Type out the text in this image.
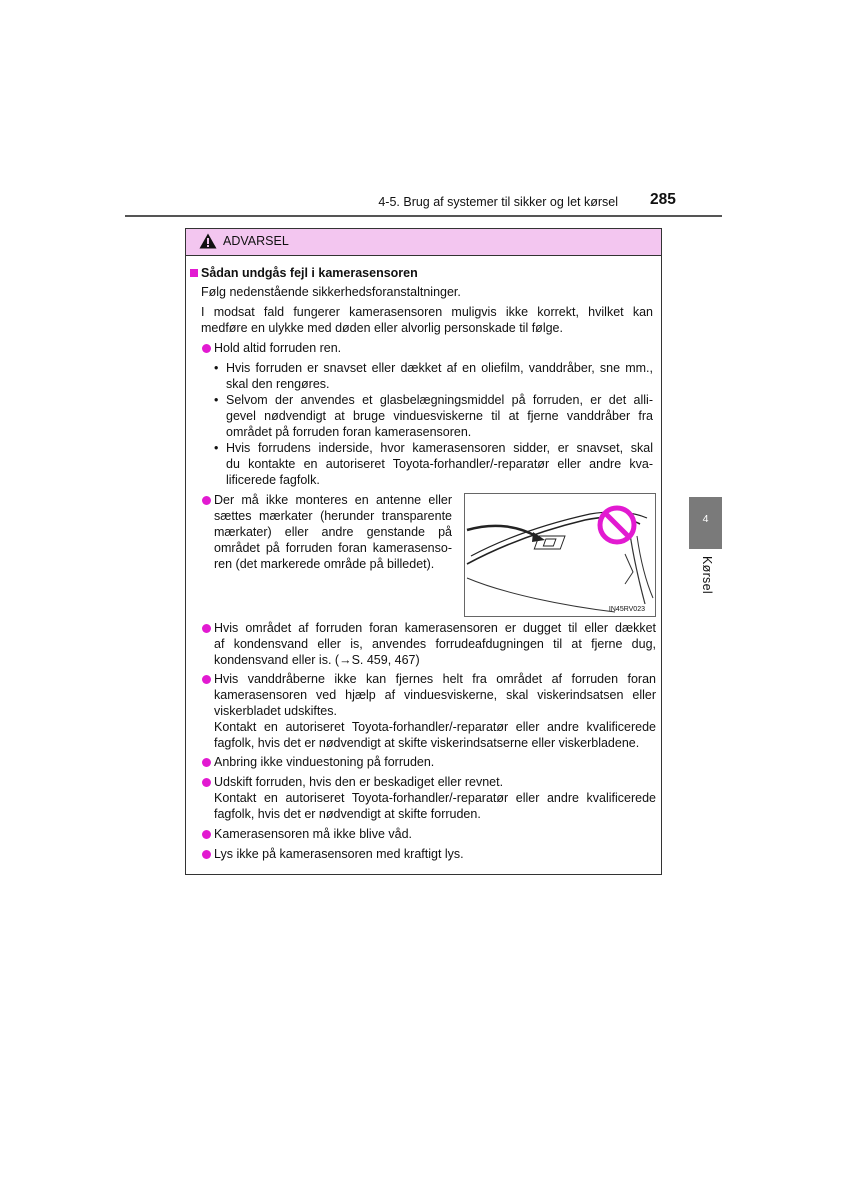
4-5. Brug af systemer til sikker og let kørsel 285
4
Kørsel
ADVARSEL
Sådan undgås fejl i kamerasensoren
Følg nedenstående sikkerhedsforanstaltninger.
I modsat fald fungerer kamerasensoren muligvis ikke korrekt, hvilket kan
medføre en ulykke med døden eller alvorlig personskade til følge.
Hold altid forruden ren.
• Hvis forruden er snavset eller dækket af en oliefilm, vanddråber, sne mm.,
skal den rengøres.
• Selvom der anvendes et glasbelægningsmiddel på forruden, er det alli-
gevel nødvendigt at bruge vinduesviskerne til at fjerne vanddråber fra
området på forruden foran kamerasensoren.
• Hvis forrudens inderside, hvor kamerasensoren sidder, er snavset, skal
du kontakte en autoriseret Toyota-forhandler/-reparatør eller andre kva-
lificerede fagfolk.
Der må ikke monteres en antenne eller
sættes mærkater (herunder transparente
mærkater) eller andre genstande på
området på forruden foran kamerasenso-
ren (det markerede område på billedet).
IN45RV023
Hvis området af forruden foran kamerasensoren er dugget til eller dækket
af kondensvand eller is, anvendes forrudeafdugningen til at fjerne dug,
kondensvand eller is. (→S. 459, 467)
Hvis vanddråberne ikke kan fjernes helt fra området af forruden foran
kamerasensoren ved hjælp af vinduesviskerne, skal viskerindsatsen eller
viskerbladet udskiftes.
Kontakt en autoriseret Toyota-forhandler/-reparatør eller andre kvalificerede
fagfolk, hvis det er nødvendigt at skifte viskerindsatserne eller viskerbladene.
Anbring ikke vinduestoning på forruden.
Udskift forruden, hvis den er beskadiget eller revnet.
Kontakt en autoriseret Toyota-forhandler/-reparatør eller andre kvalificerede
fagfolk, hvis det er nødvendigt at skifte forruden.
Kamerasensoren må ikke blive våd.
Lys ikke på kamerasensoren med kraftigt lys.
